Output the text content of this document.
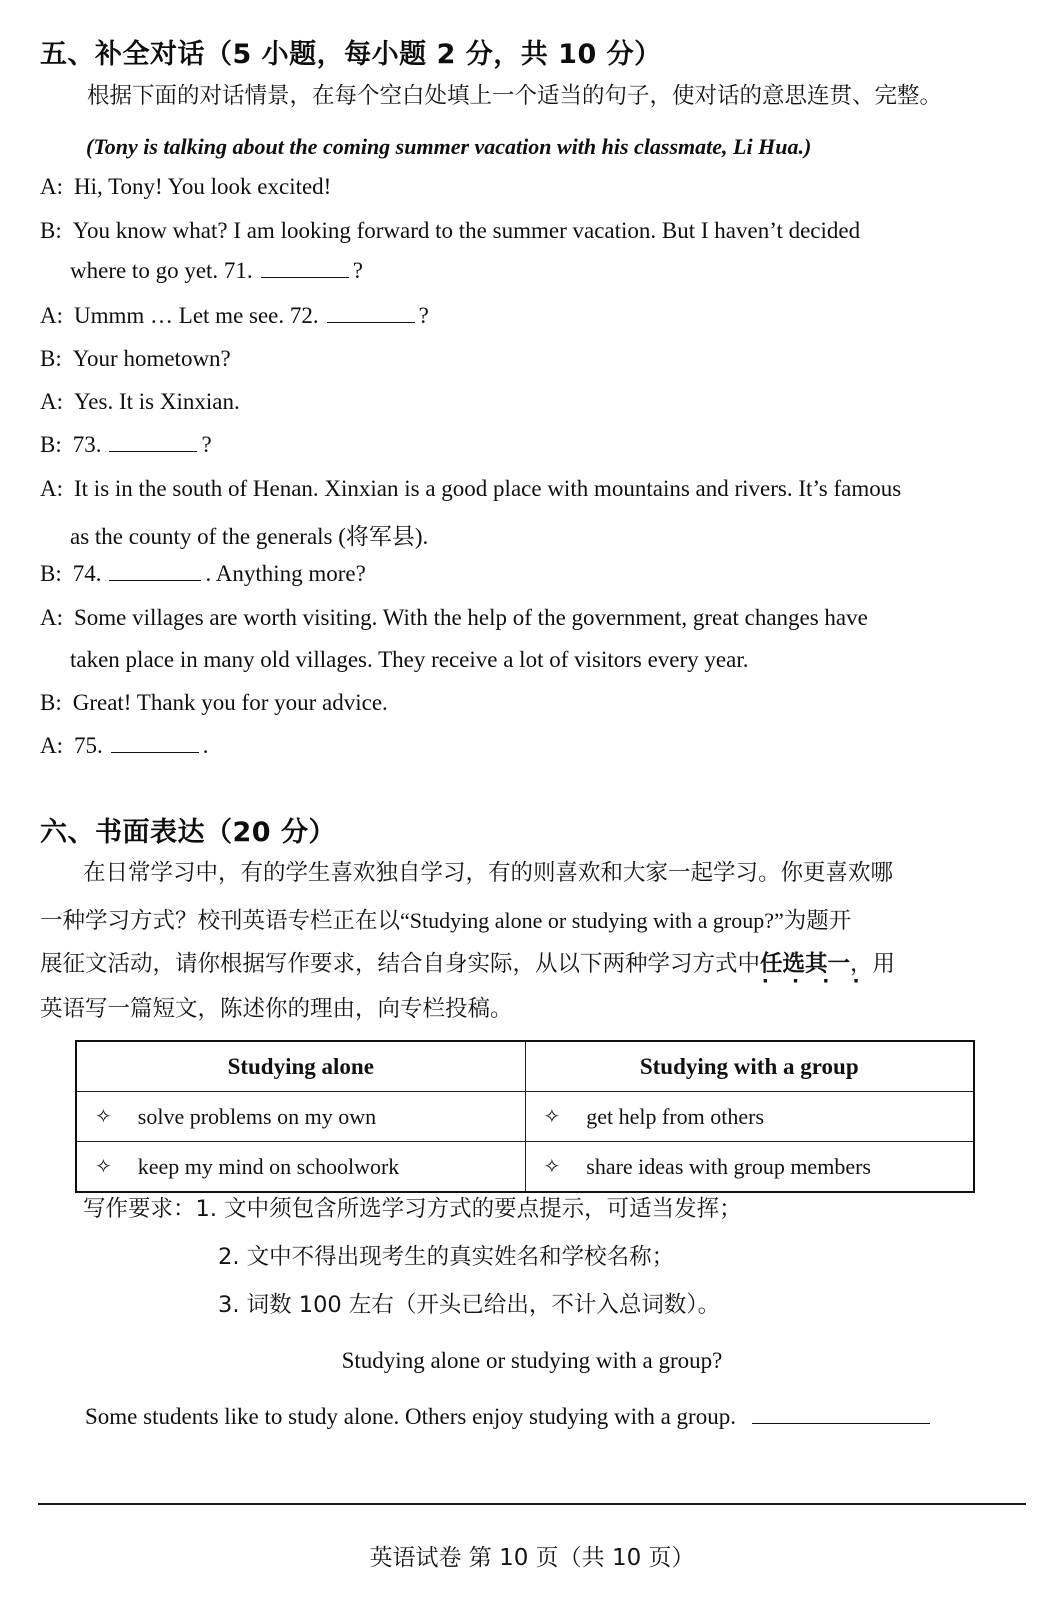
五、补全对话（5 小题，每小题 2 分，共 10 分）
根据下面的对话情景，在每个空白处填上一个适当的句子，使对话的意思连贯、完整。
(Tony is talking about the coming summer vacation with his classmate, Li Hua.)
A: Hi, Tony! You look excited!
B: You know what? I am looking forward to the summer vacation. But I haven’t decided
where to go yet. 71.	?
A: Ummm … Let me see. 72.	?
B: Your hometown?
A: Yes. It is Xinxian.
B: 73.	?
A: It is in the south of Henan. Xinxian is a good place with mountains and rivers. It’s famous
as the county of the generals (将军县).
B: 74.	. Anything more?
A: Some villages are worth visiting. With the help of the government, great changes have
taken place in many old villages. They receive a lot of visitors every year.
B: Great! Thank you for your advice.
A: 75.	.
六、书面表达（20 分）
在日常学习中，有的学生喜欢独自学习，有的则喜欢和大家一起学习。你更喜欢哪
一种学习方式？校刊英语专栏正在以“Studying alone or studying with a group?”为题开
展征文活动，请你根据写作要求，结合自身实际，从以下两种学习方式中任选其一 ‧ ‧ ‧ ‧，用
英语写一篇短文，陈述你的理由，向专栏投稿。
Studying alone	Studying with a group

✧ solve problems on my own	✧ get help from others

✧ keep my mind on schoolwork	✧ share ideas with group members
写作要求：1. 文中须包含所选学习方式的要点提示，可适当发挥；
2. 文中不得出现考生的真实姓名和学校名称；
3. 词数 100 左右（开头已给出，不计入总词数）。
Studying alone or studying with a group?
Some students like to study alone. Others enjoy studying with a group.
英语试卷 第 10 页（共 10 页）
